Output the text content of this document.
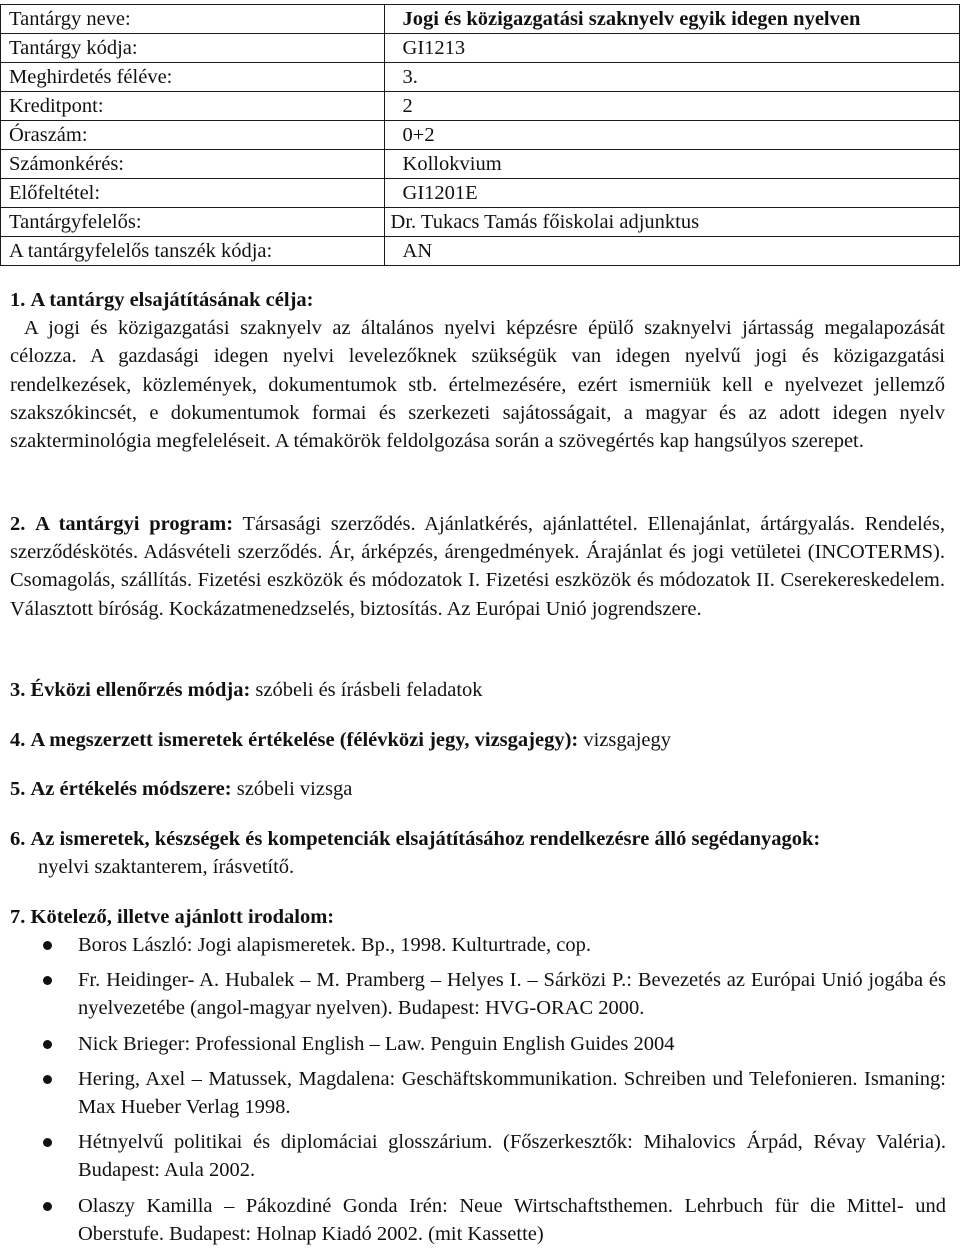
Tantárgy neve:	Jogi és közigazgatási szaknyelv egyik idegen nyelven
Tantárgy kódja:	GI1213
Meghirdetés féléve:	3.
Kreditpont:	2
Óraszám:	0+2
Számonkérés:	Kollokvium
Előfeltétel:	GI1201E
Tantárgyfelelős:	Dr. Tukacs Tamás főiskolai adjunktus
A tantárgyfelelős tanszék kódja:	AN
1. A tantárgy elsajátításának célja:
A jogi és közigazgatási szaknyelv az általános nyelvi képzésre épülő szaknyelvi jártasság megalapozását célozza. A gazdasági idegen nyelvi levelezőknek szükségük van idegen nyelvű jogi és közigazgatási rendelkezések, közlemények, dokumentumok stb. értelmezésére, ezért ismerniük kell e nyelvezet jellemző szakszókincsét, e dokumentumok formai és szerkezeti sajátosságait, a magyar és az adott idegen nyelv szakterminológia megfeleléseit. A témakörök feldolgozása során a szövegértés kap hangsúlyos szerepet.
2. A tantárgyi program: Társasági szerződés. Ajánlatkérés, ajánlattétel. Ellenajánlat, ártárgyalás. Rendelés, szerződéskötés. Adásvételi szerződés. Ár, árképzés, árengedmények. Árajánlat és jogi vetületei (INCOTERMS). Csomagolás, szállítás. Fizetési eszközök és módozatok I. Fizetési eszközök és módozatok II. Cserekereskedelem. Választott bíróság. Kockázatmenedzselés, biztosítás. Az Európai Unió jogrendszere.
3. Évközi ellenőrzés módja: szóbeli és írásbeli feladatok
4. A megszerzett ismeretek értékelése (félévközi jegy, vizsgajegy): vizsgajegy
5. Az értékelés módszere: szóbeli vizsga
6. Az ismeretek, készségek és kompetenciák elsajátításához rendelkezésre álló segédanyagok:
nyelvi szaktanterem, írásvetítő.
7. Kötelező, illetve ajánlott irodalom:
Boros László: Jogi alapismeretek. Bp., 1998. Kulturtrade, cop.
Fr. Heidinger- A. Hubalek – M. Pramberg – Helyes I. – Sárközi P.: Bevezetés az Európai Unió jogába és nyelvezetébe (angol-magyar nyelven). Budapest: HVG-ORAC 2000.
Nick Brieger: Professional English – Law. Penguin English Guides 2004
Hering, Axel – Matussek, Magdalena: Geschäftskommunikation. Schreiben und Telefonieren. Ismaning: Max Hueber Verlag 1998.
Hétnyelvű politikai és diplomáciai glosszárium. (Főszerkesztők: Mihalovics Árpád, Révay Valéria). Budapest: Aula 2002.
Olaszy Kamilla – Pákozdiné Gonda Irén: Neue Wirtschaftsthemen. Lehrbuch für die Mittel- und Oberstufe. Budapest: Holnap Kiadó 2002. (mit Kassette)
